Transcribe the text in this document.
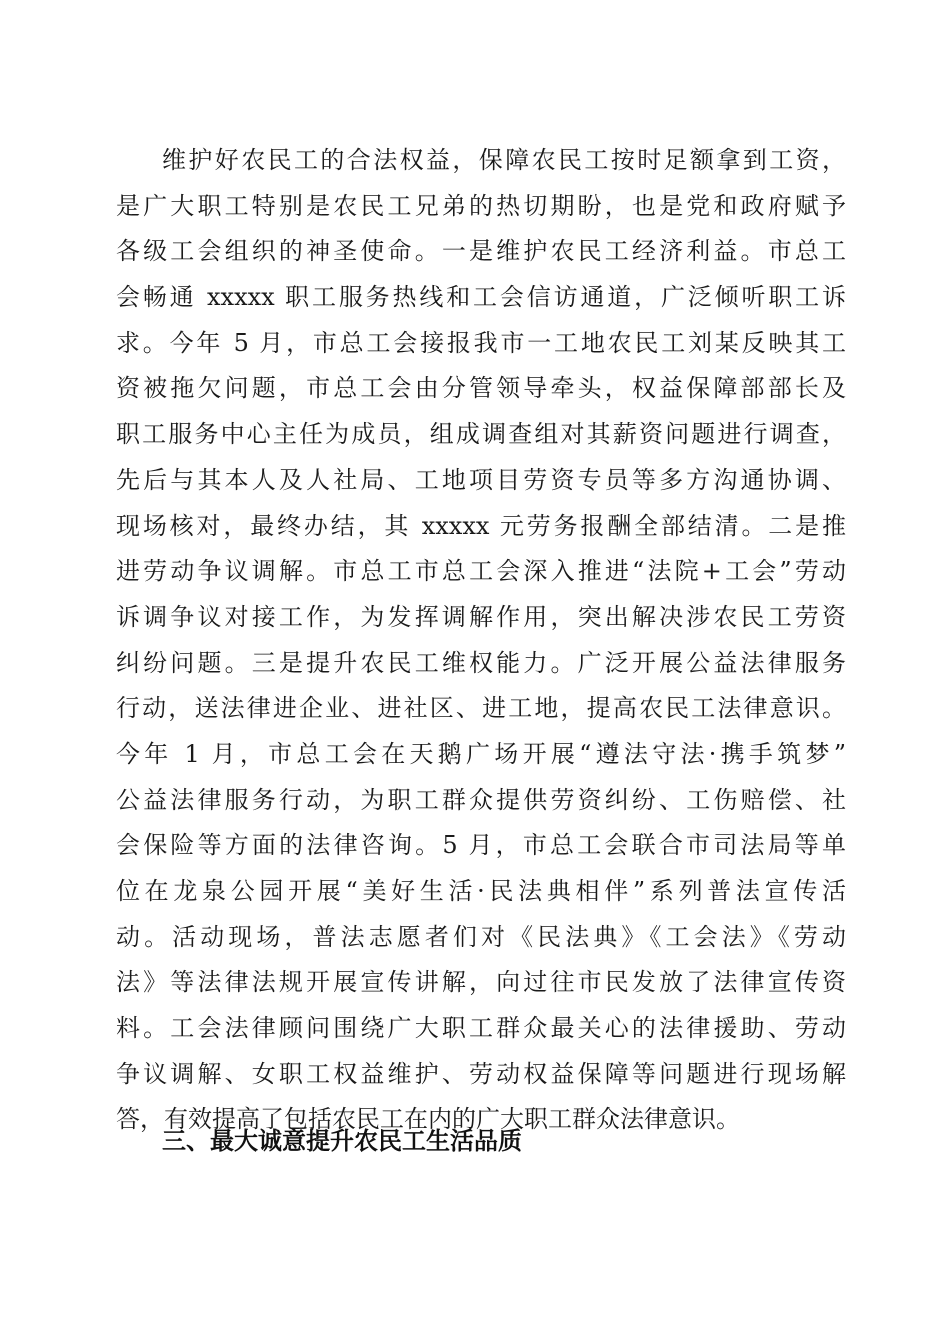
维护好农民工的合法权益，保障农民工按时足额拿到工资，
是广大职工特别是农民工兄弟的热切期盼，也是党和政府赋予
各级工会组织的神圣使命。一是维护农民工经济利益。市总工
会畅通 xxxxx 职工服务热线和工会信访通道，广泛倾听职工诉
求。今年 5 月，市总工会接报我市一工地农民工刘某反映其工
资被拖欠问题，市总工会由分管领导牵头，权益保障部部长及
职工服务中心主任为成员，组成调查组对其薪资问题进行调查，
先后与其本人及人社局、工地项目劳资专员等多方沟通协调、
现场核对，最终办结，其 xxxxx 元劳务报酬全部结清。二是推
进劳动争议调解。市总工市总工会深入推进“法院+工会”劳动
诉调争议对接工作，为发挥调解作用，突出解决涉农民工劳资
纠纷问题。三是提升农民工维权能力。广泛开展公益法律服务
行动，送法律进企业、进社区、进工地，提高农民工法律意识。
今年 1 月，市总工会在天鹅广场开展“遵法守法·携手筑梦”
公益法律服务行动，为职工群众提供劳资纠纷、工伤赔偿、社
会保险等方面的法律咨询。5 月，市总工会联合市司法局等单
位在龙泉公园开展“美好生活·民法典相伴”系列普法宣传活
动。活动现场，普法志愿者们对《民法典》《工会法》《劳动
法》等法律法规开展宣传讲解，向过往市民发放了法律宣传资
料。工会法律顾问围绕广大职工群众最关心的法律援助、劳动
争议调解、女职工权益维护、劳动权益保障等问题进行现场解
答，有效提高了包括农民工在内的广大职工群众法律意识。
三、最大诚意提升农民工生活品质
